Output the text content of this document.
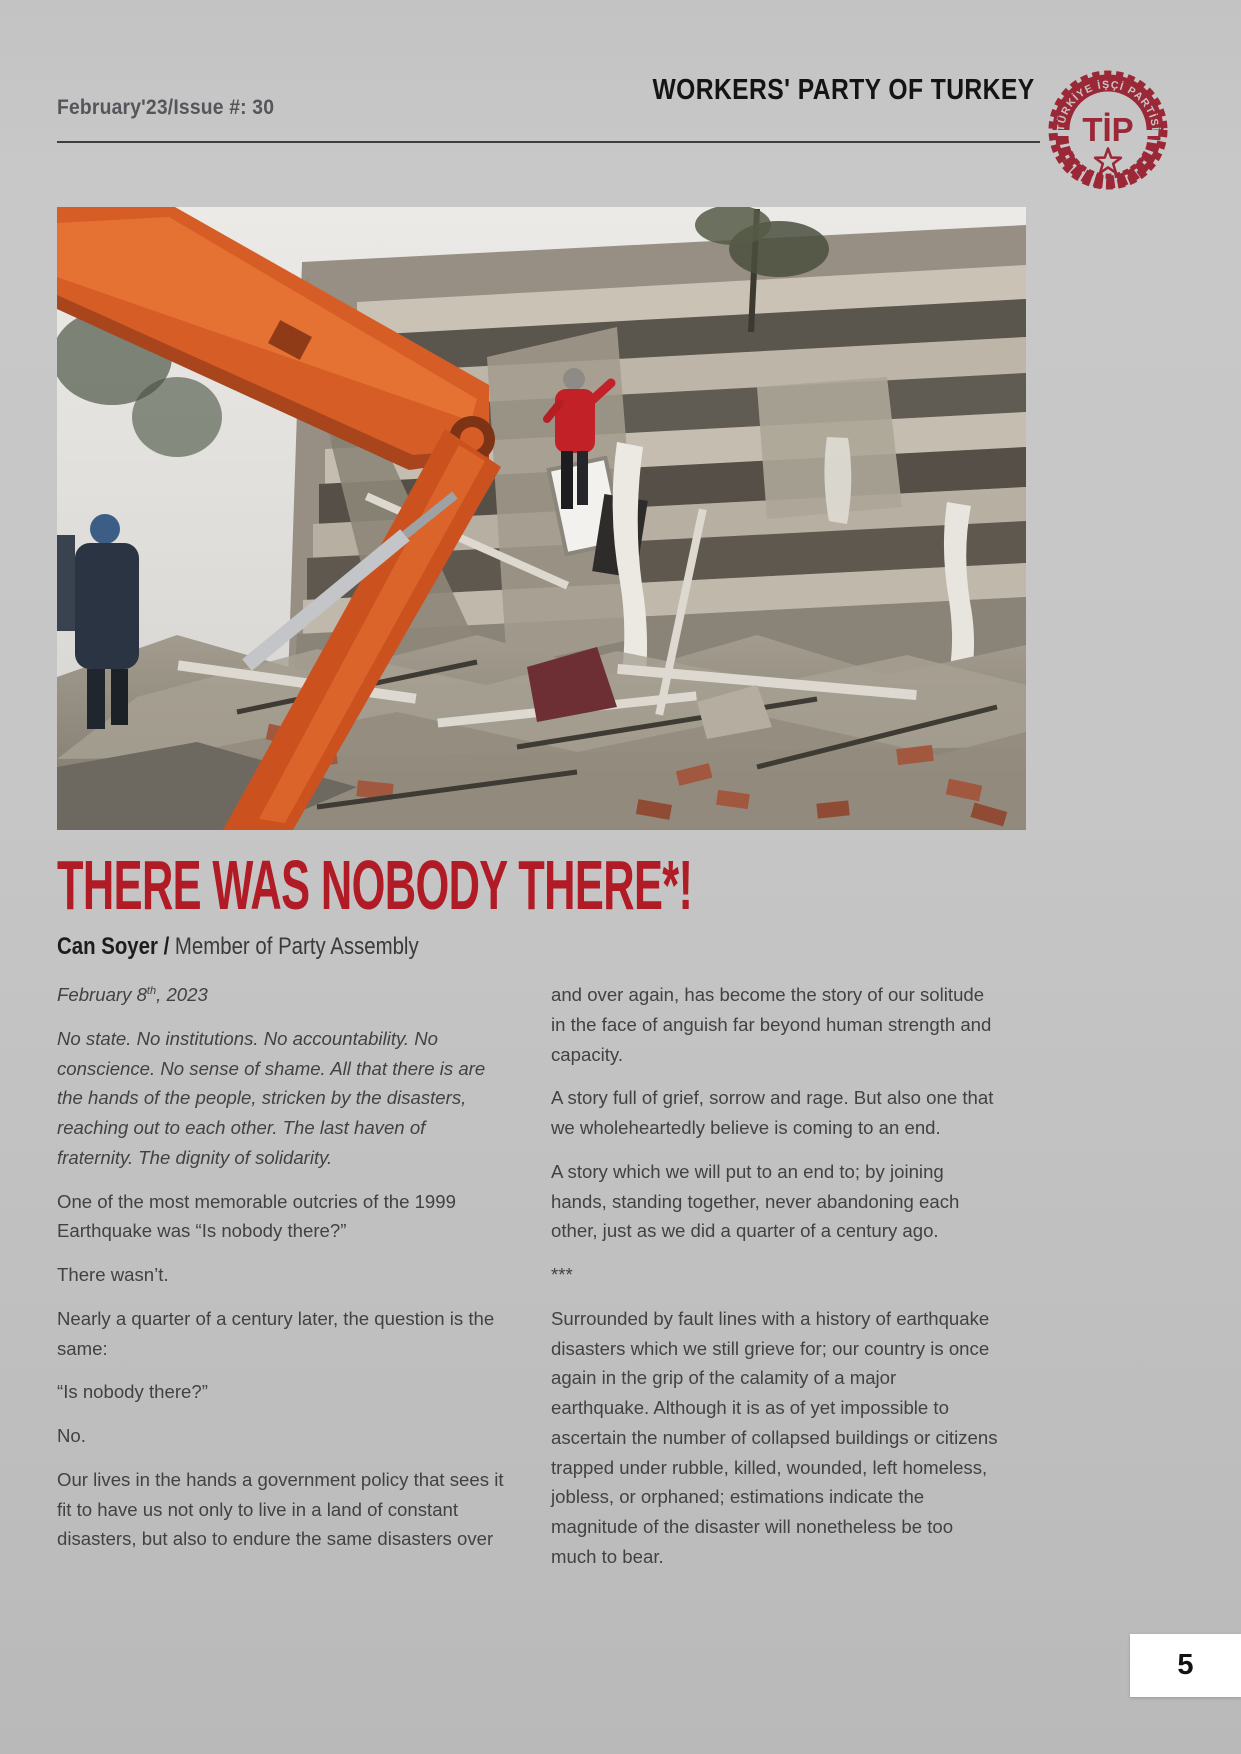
February'23/Issue #: 30
WORKERS' PARTY OF TURKEY
TÜRKİYE İŞÇİ PARTİSİ
TİP
THERE WAS NOBODY THERE*!
Can Soyer / Member of Party Assembly

February 8th, 2023

No state. No institutions. No accountability. No conscience. No sense of shame. All that there is are the hands of the people, stricken by the disasters, reaching out to each other. The last haven of fraternity. The dignity of solidarity.

One of the most memorable outcries of the 1999 Earthquake was “Is nobody there?”

There wasn’t.

Nearly a quarter of a century later, the question is the same:

“Is nobody there?”

No.

Our lives in the hands a government policy that sees it fit to have us not only to live in a land of constant disasters, but also to endure the same disasters over

and over again, has become the story of our solitude in the face of anguish far beyond human strength and capacity.

A story full of grief, sorrow and rage. But also one that we wholeheartedly believe is coming to an end.

A story which we will put to an end to; by joining hands, standing together, never abandoning each other, just as we did a quarter of a century ago.

***

Surrounded by fault lines with a history of earthquake disasters which we still grieve for; our country is once again in the grip of the calamity of a major earthquake. Although it is as of yet impossible to ascertain the number of collapsed buildings or citizens trapped under rubble, killed, wounded, left homeless, jobless, or orphaned; estimations indicate the magnitude of the disaster will nonetheless be too much to bear.

5
